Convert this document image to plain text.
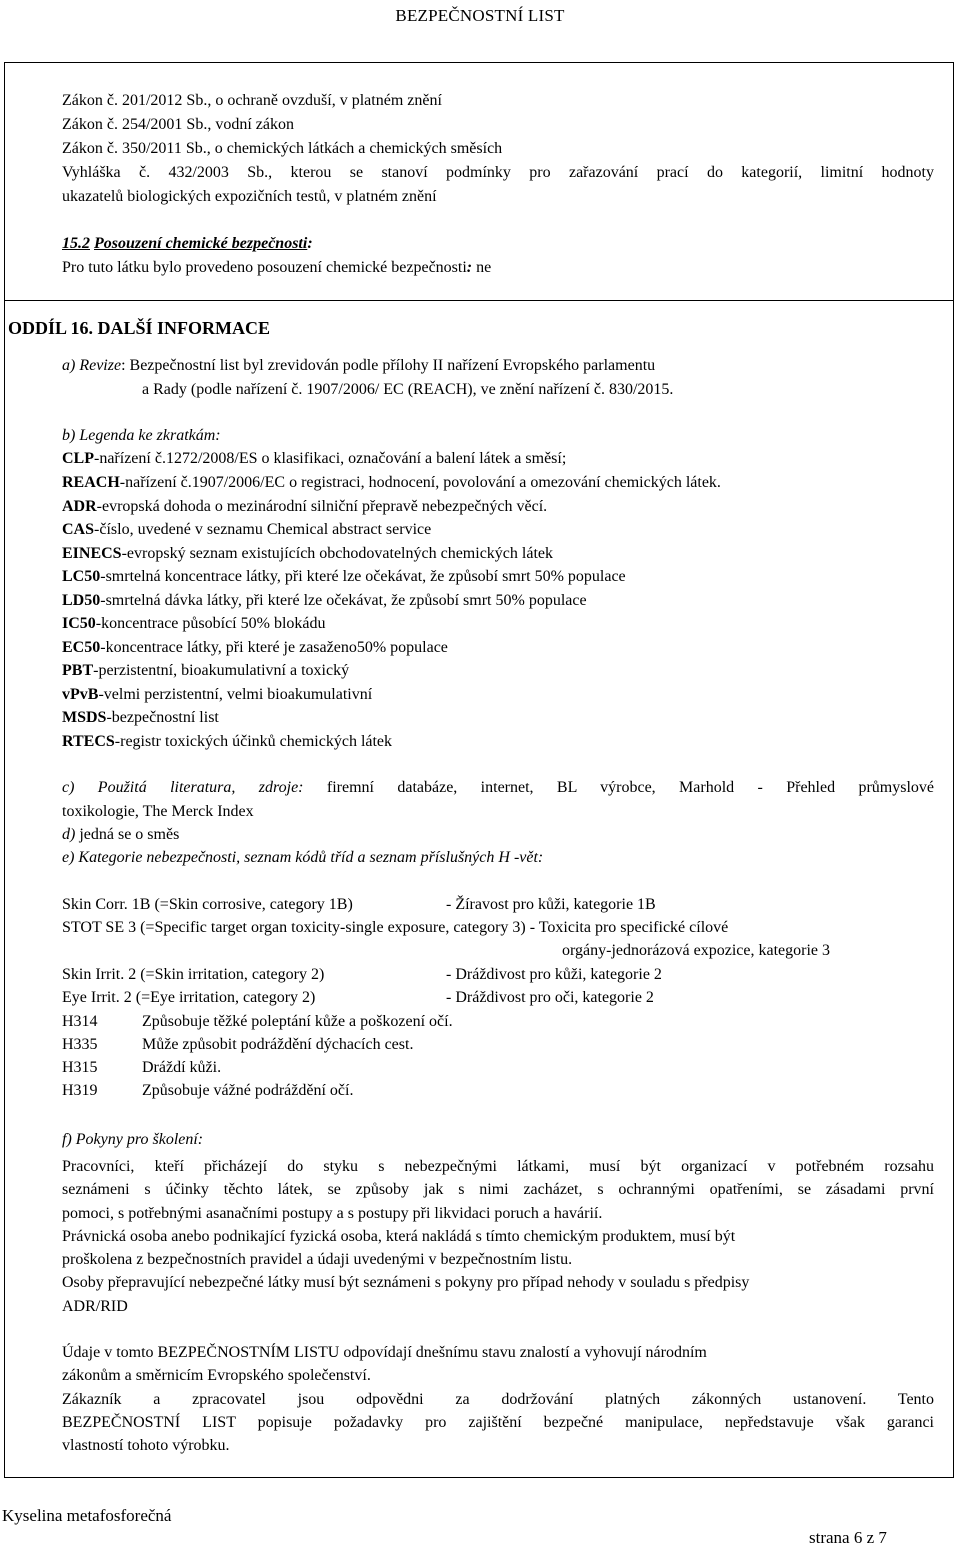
BEZPEČNOSTNÍ LIST
Zákon č. 201/2012 Sb., o ochraně ovzduší, v platném znění
Zákon č. 254/2001 Sb., vodní zákon
Zákon č. 350/2011 Sb., o chemických látkách a chemických směsích
Vyhláška č. 432/2003 Sb., kterou se stanoví podmínky pro zařazování prací do kategorií, limitní hodnoty
ukazatelů biologických expozičních testů, v platném znění
15.2 Posouzení chemické bezpečnosti:
Pro tuto látku bylo provedeno posouzení chemické bezpečnosti: ne
ODDÍL 16. DALŠÍ INFORMACE
a) Revize: Bezpečnostní list byl zrevidován podle přílohy II nařízení Evropského parlamentu
a Rady (podle nařízení č. 1907/2006/ EC (REACH), ve znění nařízení č. 830/2015.
b) Legenda ke zkratkám:
CLP-nařízení č.1272/2008/ES o klasifikaci, označování a balení látek a směsí;
REACH-nařízení č.1907/2006/EC o registraci, hodnocení, povolování a omezování chemických látek.
ADR-evropská dohoda o mezinárodní silniční přepravě nebezpečných věcí.
CAS-číslo, uvedené v seznamu Chemical abstract service
EINECS-evropský seznam existujících obchodovatelných chemických látek
LC50-smrtelná koncentrace látky, při které lze očekávat, že způsobí smrt 50% populace
LD50-smrtelná dávka látky, při které lze očekávat, že způsobí smrt 50% populace
IC50-koncentrace působící 50% blokádu
EC50-koncentrace látky, při které je zasaženo50% populace
PBT-perzistentní, bioakumulativní a toxický
vPvB-velmi perzistentní, velmi bioakumulativní
MSDS-bezpečnostní list
RTECS-registr toxických účinků chemických látek
c) Použitá literatura, zdroje: firemní databáze, internet, BL výrobce, Marhold - Přehled průmyslové
toxikologie, The Merck Index
d) jedná se o směs
e) Kategorie nebezpečnosti, seznam kódů tříd a seznam příslušných H -vět:
Skin Corr. 1B (=Skin corrosive, category 1B)	- Žíravost pro kůži, kategorie 1B
STOT SE 3 (=Specific target organ toxicity-single exposure, category 3) - Toxicita pro specifické cílové
orgány-jednorázová expozice, kategorie 3
Skin Irrit. 2 (=Skin irritation, category 2)	- Dráždivost pro kůži, kategorie 2
Eye Irrit. 2 (=Eye irritation, category 2)	- Dráždivost pro oči, kategorie 2
H314	Způsobuje těžké poleptání kůže a poškození očí.
H335	Může způsobit podráždění dýchacích cest.
H315	Dráždí kůži.
H319	Způsobuje vážné podráždění očí.
f) Pokyny pro školení:
Pracovníci, kteří přicházejí do styku s nebezpečnými látkami, musí být organizací v potřebném rozsahu
seznámeni s účinky těchto látek, se způsoby jak s nimi zacházet, s ochrannými opatřeními, se zásadami první
pomoci, s potřebnými asanačními postupy a s postupy při likvidaci poruch a havárií.
Právnická osoba anebo podnikající fyzická osoba, která nakládá s tímto chemickým produktem, musí být
proškolena z bezpečnostních pravidel a údaji uvedenými v bezpečnostním listu.
Osoby přepravující nebezpečné látky musí být seznámeni s pokyny pro případ nehody v souladu s předpisy
ADR/RID
Údaje v tomto BEZPEČNOSTNÍM LISTU odpovídají dnešnímu stavu znalostí a vyhovují národním
zákonům a směrnicím Evropského společenství.
Zákazník a zpracovatel jsou odpovědni za dodržování platných zákonných ustanovení. Tento
BEZPEČNOSTNÍ LIST popisuje požadavky pro zajištění bezpečné manipulace, nepředstavuje však garanci
vlastností tohoto výrobku.
Kyselina metafosforečná
strana 6 z 7
